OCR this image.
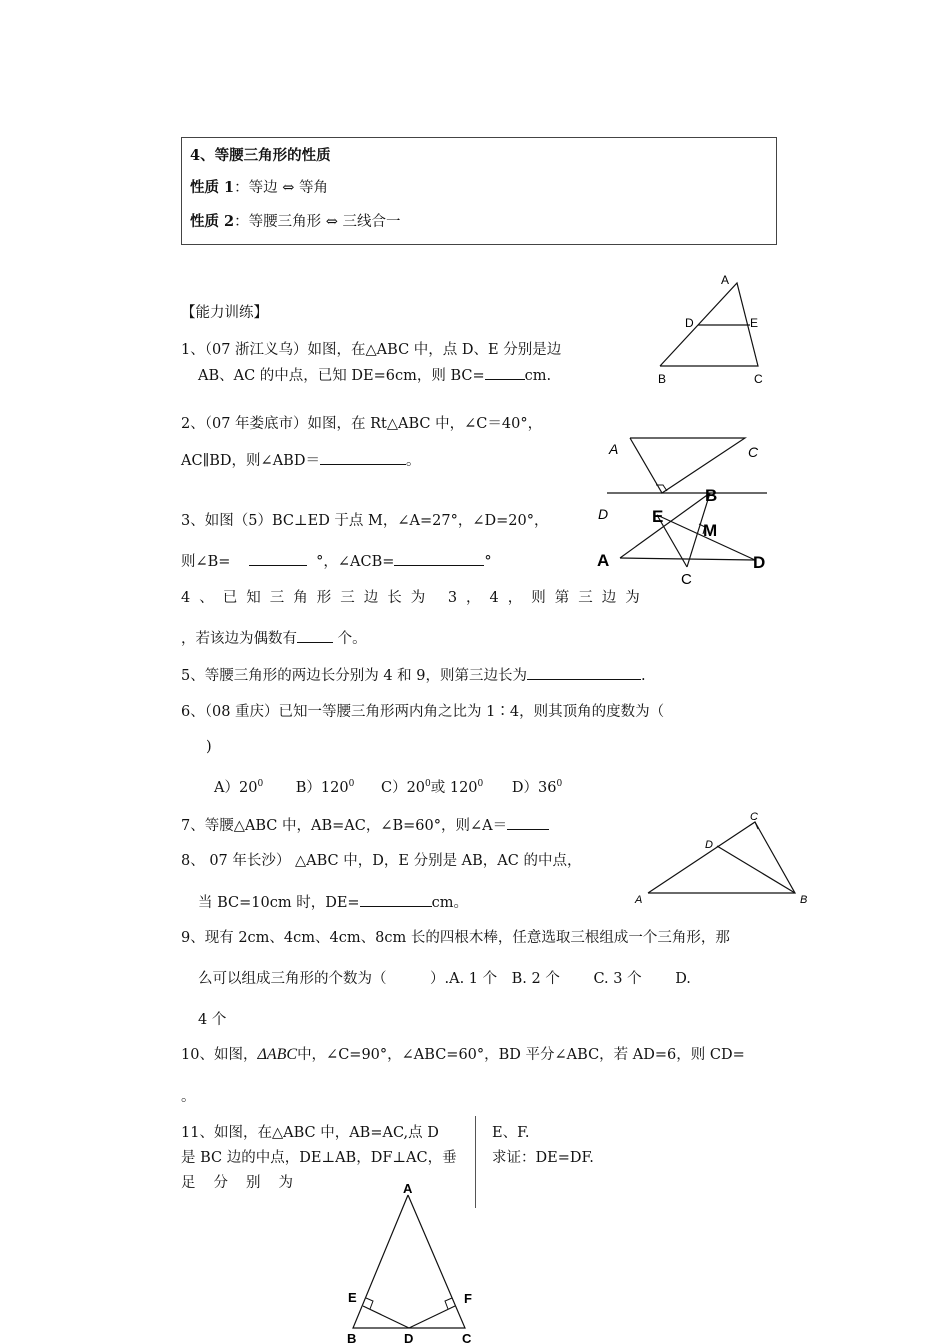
4、等腰三角形的性质
性质 1：等边 ⇔ 等角
性质 2：等腰三角形 ⇔ 三线合一
【能力训练】
1、（07 浙江义乌）如图，在△ABC 中，点 D、E 分别是边
AB、AC 的中点，已知 DE=6cm，则 BC=	cm.
2、（07 年娄底市）如图，在 Rt△ABC 中，∠C＝40°，
AC∥BD，则∠ABD＝	。
3、如图（5）BC⊥ED 于点 M，∠A=27°，∠D=20°，
则∠B=	°，∠ACB=	°
4、已知三角形三边长为 3，4，则第三边为
，若该边为偶数有	个。
5、等腰三角形的两边长分别为 4 和 9，则第三边长为	.
6、（08 重庆）已知一等腰三角形两内角之比为 1∶4，则其顶角的度数为（
)
$A)20^0$ $B)120^0$ $C)20^0$或 $120^0$ $D)36^0$
7、等腰△ABC 中，AB=AC，∠B=60°，则∠A＝
8、 07 年长沙） △ABC 中，D，E 分别是 AB，AC 的中点，
当 BC=10cm 时，DE=	cm。
9、现有 2cm、4cm、4cm、8cm 长的四根木棒，任意选取三根组成一个三角形，那
么可以组成三角形的个数为（　　　）.A. 1 个　B. 2 个　　 C. 3 个　　 D.
4 个
10、如图，ΔABC中，∠C=90°，∠ABC=60°，BD 平分∠ABC，若 AD=6，则 CD=
。
11、如图，在△ABC 中，AB=AC,点 D
是 BC 边的中点，DE⊥AB，DF⊥AC，垂
足分别为
E、F.
求证：DE=DF.
A
D	E
B	C
A	C
D
B
E
M
A	D
C
C
D
A	B
A
E	F
B	D	C
